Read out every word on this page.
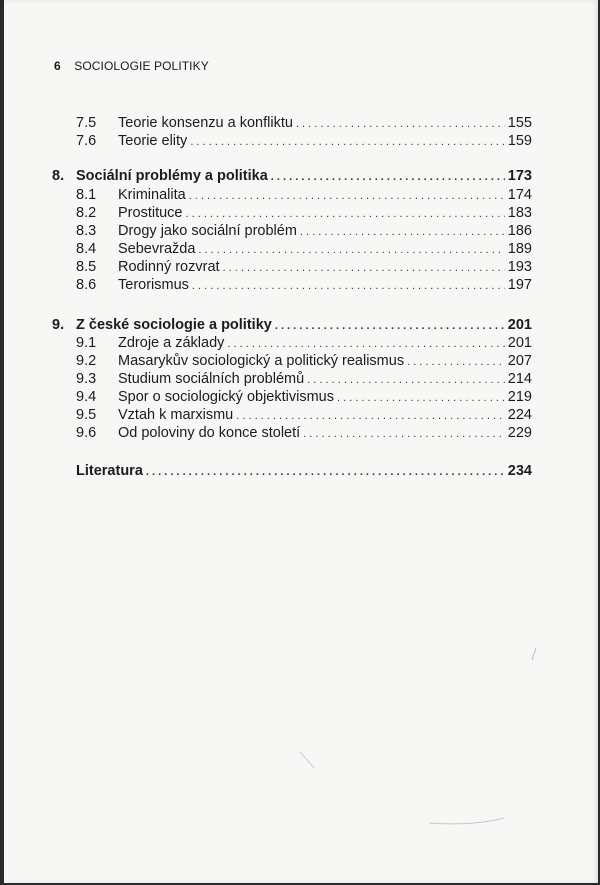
6 SOCIOLOGIE POLITIKY
7.5	Teorie konsenzu a konfliktu . . .	155
7.6	Teorie elity . . .	159
8. Sociální problémy a politika . . .	173
8.1	Kriminalita . . .	174
8.2	Prostituce . . .	183
8.3	Drogy jako sociální problém . . .	186
8.4	Sebevražda . . .	189
8.5	Rodinný rozvrat . . .	193
8.6	Terorismus . . .	197
9. Z české sociologie a politiky . . .	201
9.1	Zdroje a základy . . .	201
9.2	Masarykův sociologický a politický realismus . . .	207
9.3	Studium sociálních problémů . . .	214
9.4	Spor o sociologický objektivismus . . .	219
9.5	Vztah k marxismu . . .	224
9.6	Od poloviny do konce století . . .	229
Literatura . . .	234
